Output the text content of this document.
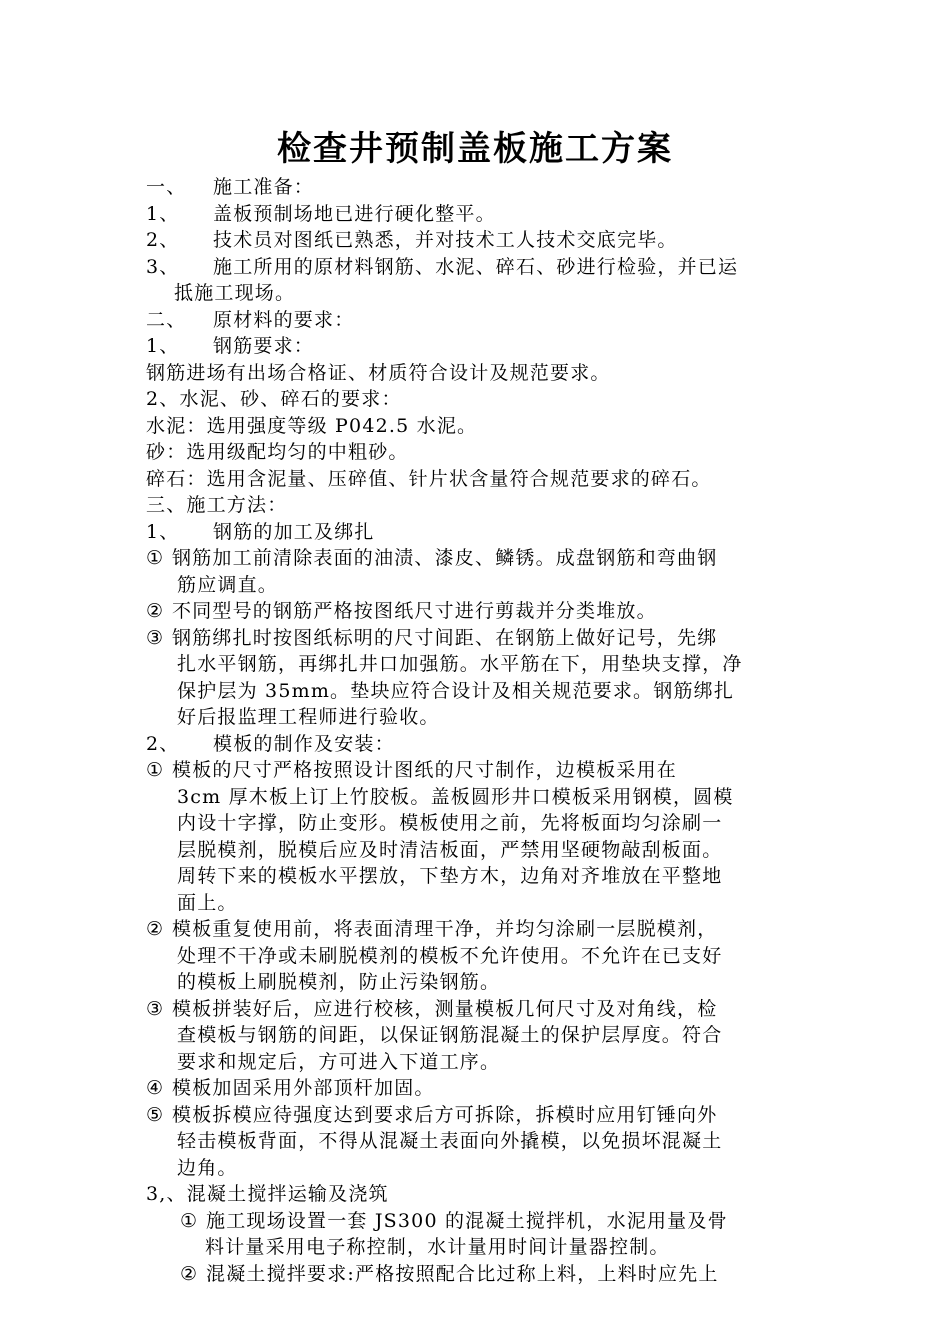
检查井预制盖板施工方案
一、 施工准备：
1、 盖板预制场地已进行硬化整平。
2、 技术员对图纸已熟悉，并对技术工人技术交底完毕。
3、 施工所用的原材料钢筋、水泥、碎石、砂进行检验，并已运
抵施工现场。
二、 原材料的要求：
1、 钢筋要求：
钢筋进场有出场合格证、材质符合设计及规范要求。
2、水泥、砂、碎石的要求：
水泥：选用强度等级 P042.5 水泥。
砂：选用级配均匀的中粗砂。
碎石：选用含泥量、压碎值、针片状含量符合规范要求的碎石。
三、施工方法：
1、 钢筋的加工及绑扎
① 钢筋加工前清除表面的油渍、漆皮、鳞锈。成盘钢筋和弯曲钢
筋应调直。
② 不同型号的钢筋严格按图纸尺寸进行剪裁并分类堆放。
③ 钢筋绑扎时按图纸标明的尺寸间距、在钢筋上做好记号，先绑
扎水平钢筋，再绑扎井口加强筋。水平筋在下，用垫块支撑，净
保护层为 35mm。垫块应符合设计及相关规范要求。钢筋绑扎
好后报监理工程师进行验收。
2、 模板的制作及安装：
① 模板的尺寸严格按照设计图纸的尺寸制作，边模板采用在
3cm 厚木板上订上竹胶板。盖板圆形井口模板采用钢模，圆模
内设十字撑，防止变形。模板使用之前，先将板面均匀涂刷一
层脱模剂，脱模后应及时清洁板面，严禁用坚硬物敲刮板面。
周转下来的模板水平摆放，下垫方木，边角对齐堆放在平整地
面上。
② 模板重复使用前，将表面清理干净，并均匀涂刷一层脱模剂，
处理不干净或未刷脱模剂的模板不允许使用。不允许在已支好
的模板上刷脱模剂，防止污染钢筋。
③ 模板拼装好后，应进行校核，测量模板几何尺寸及对角线，检
查模板与钢筋的间距，以保证钢筋混凝土的保护层厚度。符合
要求和规定后，方可进入下道工序。
④ 模板加固采用外部顶杆加固。
⑤ 模板拆模应待强度达到要求后方可拆除，拆模时应用钉锤向外
轻击模板背面，不得从混凝土表面向外撬模，以免损坏混凝土
边角。
3,、混凝土搅拌运输及浇筑
① 施工现场设置一套 JS300 的混凝土搅拌机，水泥用量及骨
料计量采用电子称控制，水计量用时间计量器控制。
② 混凝土搅拌要求:严格按照配合比过称上料，上料时应先上
